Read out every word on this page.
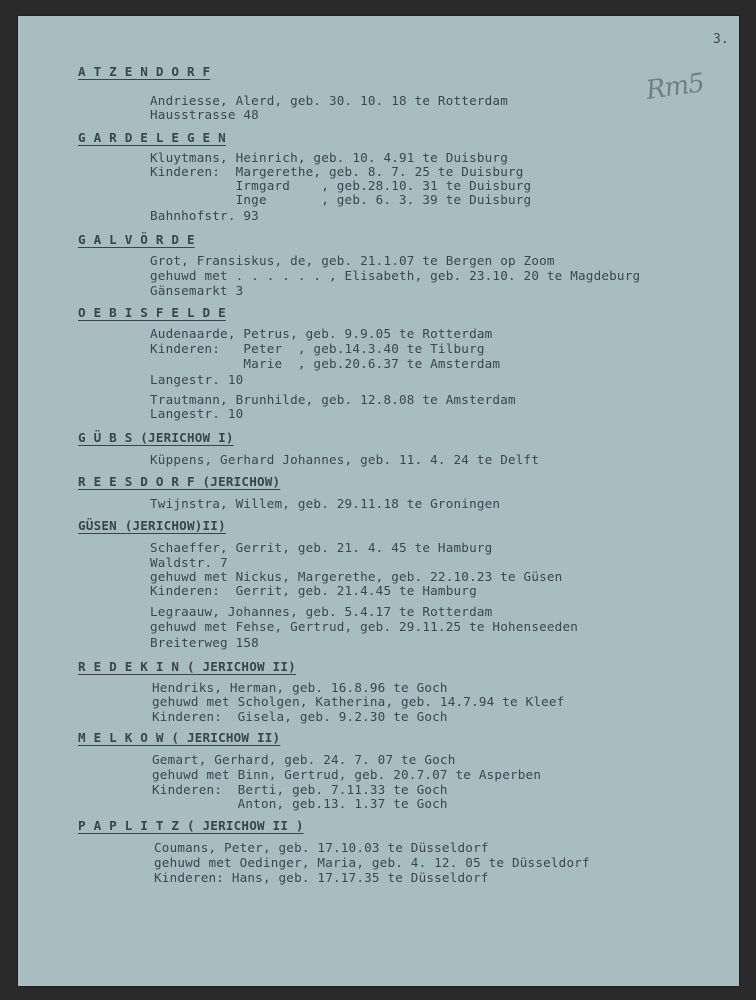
3.
Rm5
A T Z E N D O R F
Andriesse, Alerd, geb. 30. 10. 18 te Rotterdam
Hausstrasse 48
G A R D E L E G E N
Kluytmans, Heinrich, geb. 10. 4.91 te Duisburg
Kinderen:  Margerethe, geb. 8. 7. 25 te Duisburg
Irmgard    , geb.28.10. 31 te Duisburg
Inge       , geb. 6. 3. 39 te Duisburg
Bahnhofstr. 93
G A L V Ö R D E
Grot, Fransiskus, de, geb. 21.1.07 te Bergen op Zoom
gehuwd met . . . . . . , Elisabeth, geb. 23.10. 20 te Magdeburg
Gänsemarkt 3
O E B I S F E L D E
Audenaarde, Petrus, geb. 9.9.05 te Rotterdam
Kinderen:   Peter  , geb.14.3.40 te Tilburg
Marie  , geb.20.6.37 te Amsterdam
Langestr. 10
Trautmann, Brunhilde, geb. 12.8.08 te Amsterdam
Langestr. 10
G Ü B S (JERICHOW I)
Küppens, Gerhard Johannes, geb. 11. 4. 24 te Delft
R E E S D O R F (JERICHOW)
Twijnstra, Willem, geb. 29.11.18 te Groningen
GÜSEN (JERICHOW)II)
Schaeffer, Gerrit, geb. 21. 4. 45 te Hamburg
Waldstr. 7
gehuwd met Nickus, Margerethe, geb. 22.10.23 te Güsen
Kinderen:  Gerrit, geb. 21.4.45 te Hamburg
Legraauw, Johannes, geb. 5.4.17 te Rotterdam
gehuwd met Fehse, Gertrud, geb. 29.11.25 te Hohenseeden
Breiterweg 158
R E D E K I N ( JERICHOW II)
Hendriks, Herman, geb. 16.8.96 te Goch
gehuwd met Scholgen, Katherina, geb. 14.7.94 te Kleef
Kinderen:  Gisela, geb. 9.2.30 te Goch
M E L K O W ( JERICHOW II)
Gemart, Gerhard, geb. 24. 7. 07 te Goch
gehuwd met Binn, Gertrud, geb. 20.7.07 te Asperben
Kinderen:  Berti, geb. 7.11.33 te Goch
Anton, geb.13. 1.37 te Goch
P A P L I T Z ( JERICHOW II )
Coumans, Peter, geb. 17.10.03 te Düsseldorf
gehuwd met Oedinger, Maria, geb. 4. 12. 05 te Düsseldorf
Kinderen: Hans, geb. 17.17.35 te Düsseldorf
